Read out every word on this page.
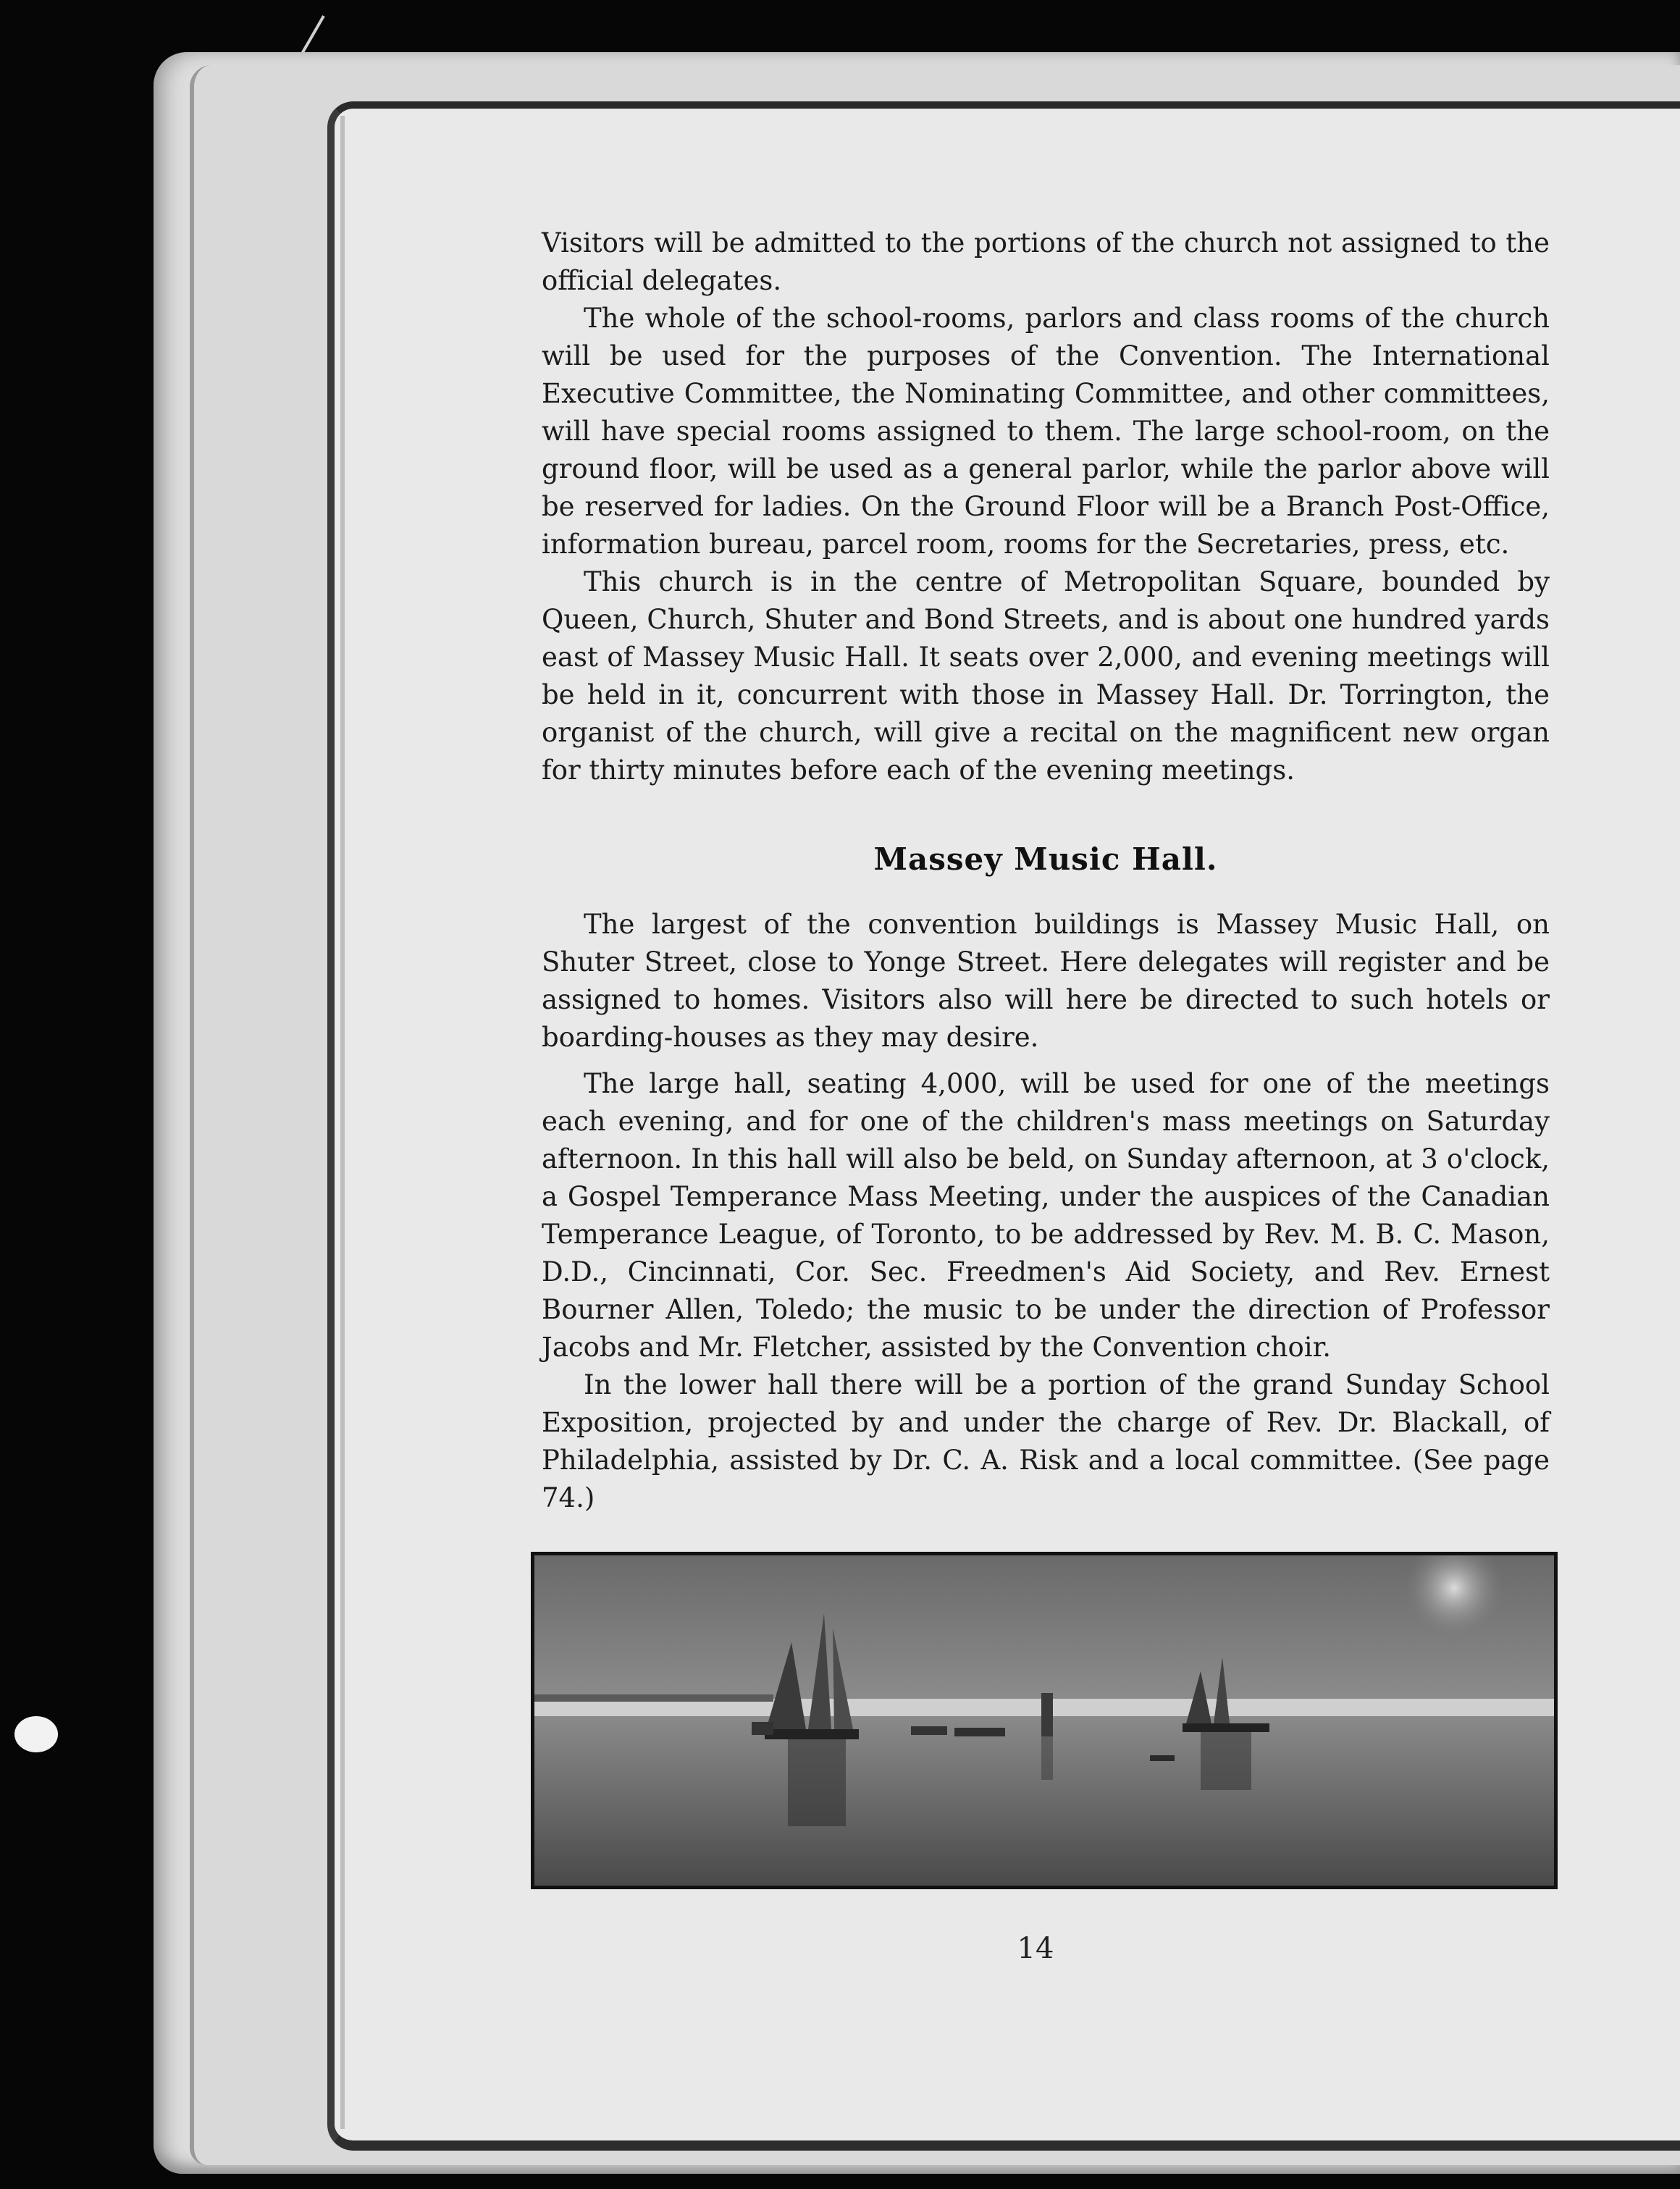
Visitors will be admitted to the portions of the church not assigned to the official delegates.

The whole of the school-rooms, parlors and class rooms of the church will be used for the purposes of the Convention. The International Executive Committee, the Nominating Committee, and other committees, will have special rooms assigned to them. The large school-room, on the ground floor, will be used as a general parlor, while the parlor above will be reserved for ladies. On the Ground Floor will be a Branch Post-Office, information bureau, parcel room, rooms for the Secretaries, press, etc.

This church is in the centre of Metropolitan Square, bounded by Queen, Church, Shuter and Bond Streets, and is about one hundred yards east of Massey Music Hall. It seats over 2,000, and evening meetings will be held in it, concurrent with those in Massey Hall. Dr. Torrington, the organist of the church, will give a recital on the magnificent new organ for thirty minutes before each of the evening meetings.

Massey Music Hall.

The largest of the convention buildings is Massey Music Hall, on Shuter Street, close to Yonge Street. Here delegates will register and be assigned to homes. Visitors also will here be directed to such hotels or boarding-houses as they may desire.

The large hall, seating 4,000, will be used for one of the meetings each evening, and for one of the children's mass meetings on Saturday afternoon. In this hall will also be beld, on Sunday afternoon, at 3 o'clock, a Gospel Temperance Mass Meeting, under the auspices of the Canadian Temperance League, of Toronto, to be addressed by Rev. M. B. C. Mason, D.D., Cincinnati, Cor. Sec. Freedmen's Aid Society, and Rev. Ernest Bourner Allen, Toledo; the music to be under the direction of Professor Jacobs and Mr. Fletcher, assisted by the Convention choir.

In the lower hall there will be a portion of the grand Sunday School Exposition, projected by and under the charge of Rev. Dr. Blackall, of Philadelphia, assisted by Dr. C. A. Risk and a local committee. (See page 74.)

14
